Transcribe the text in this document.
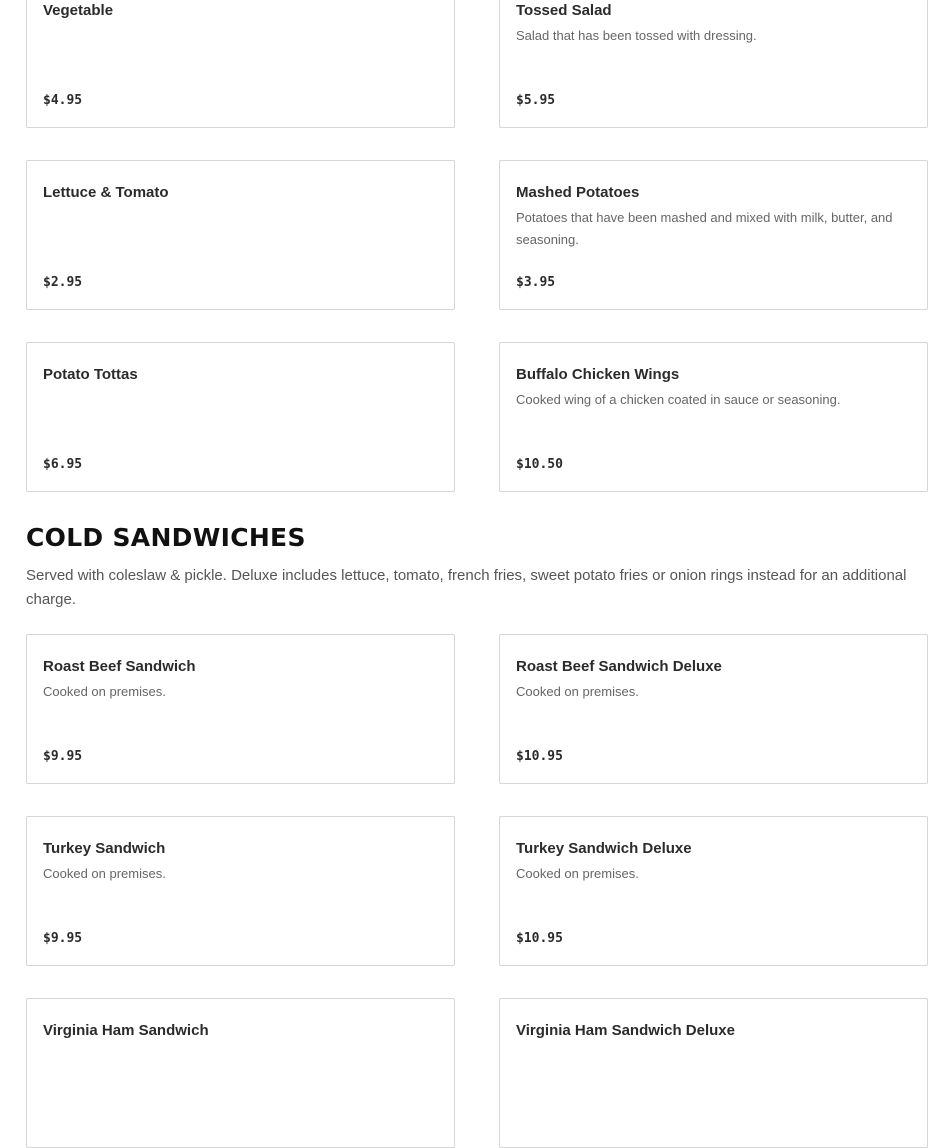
Vegetable
$4.95
Tossed Salad
Salad that has been tossed with dressing.
$5.95
Lettuce & Tomato
$2.95
Mashed Potatoes
Potatoes that have been mashed and mixed with milk, butter, and seasoning.
$3.95
Potato Tottas
$6.95
Buffalo Chicken Wings
Cooked wing of a chicken coated in sauce or seasoning.
$10.50
COLD SANDWICHES

Served with coleslaw & pickle. Deluxe includes lettuce, tomato, french fries, sweet potato fries or onion rings instead for an additional charge.

Roast Beef Sandwich
Cooked on premises.
$9.95
Roast Beef Sandwich Deluxe
Cooked on premises.
$10.95
Turkey Sandwich
Cooked on premises.
$9.95
Turkey Sandwich Deluxe
Cooked on premises.
$10.95
Virginia Ham Sandwich	Virginia Ham Sandwich Deluxe
